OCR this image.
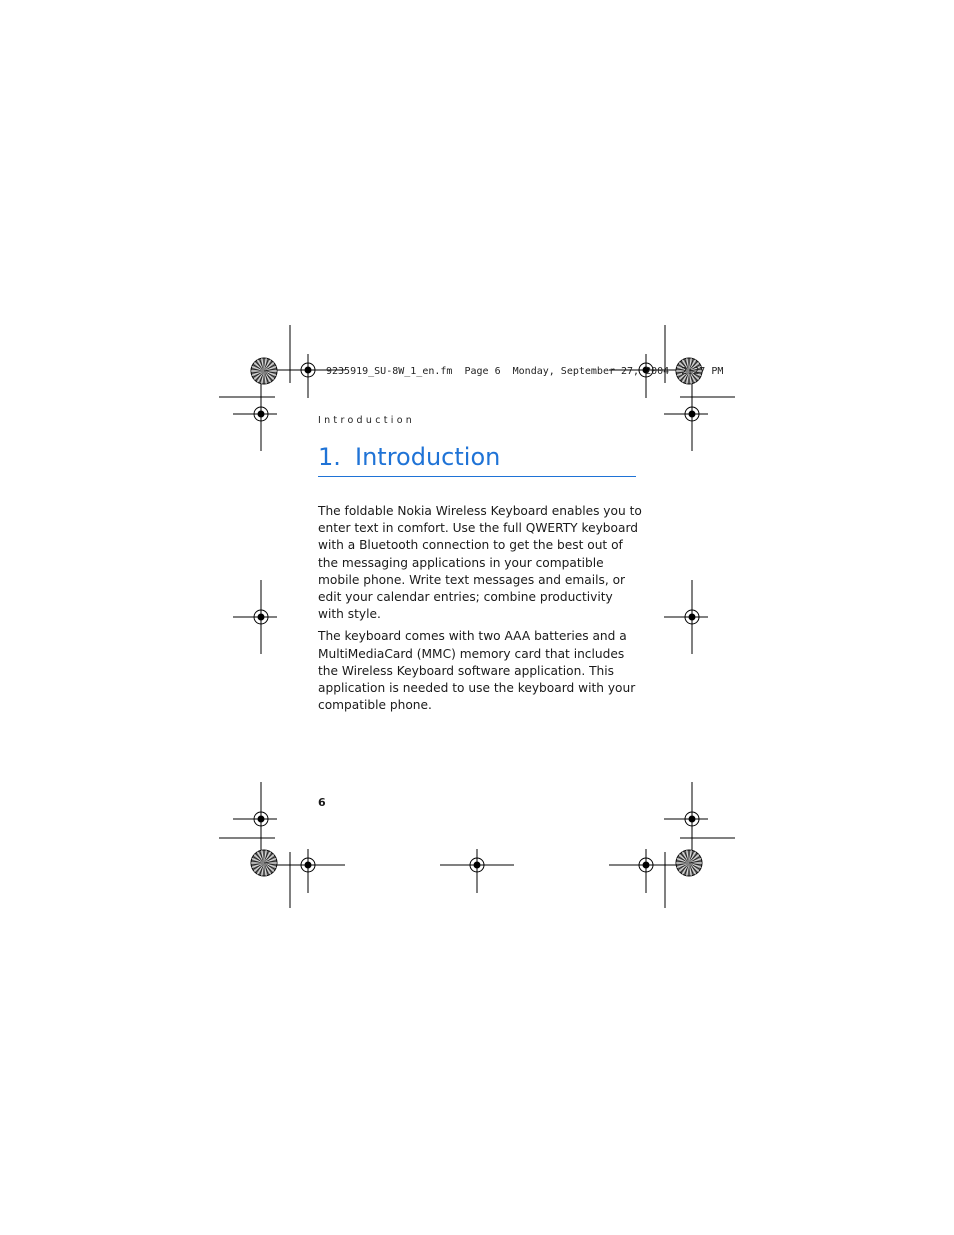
9235919_SU-8W_1_en.fm  Page 6  Monday, September 27, 2004  2:27 PM
Introduction
1. Introduction

The foldable Nokia Wireless Keyboard enables you to enter text in comfort. Use the full QWERTY keyboard with a Bluetooth connection to get the best out of the messaging applications in your compatible mobile phone. Write text messages and emails, or edit your calendar entries; combine productivity with style.

The keyboard comes with two AAA batteries and a MultiMediaCard (MMC) memory card that includes the Wireless Keyboard software application. This application is needed to use the keyboard with your compatible phone.

6
